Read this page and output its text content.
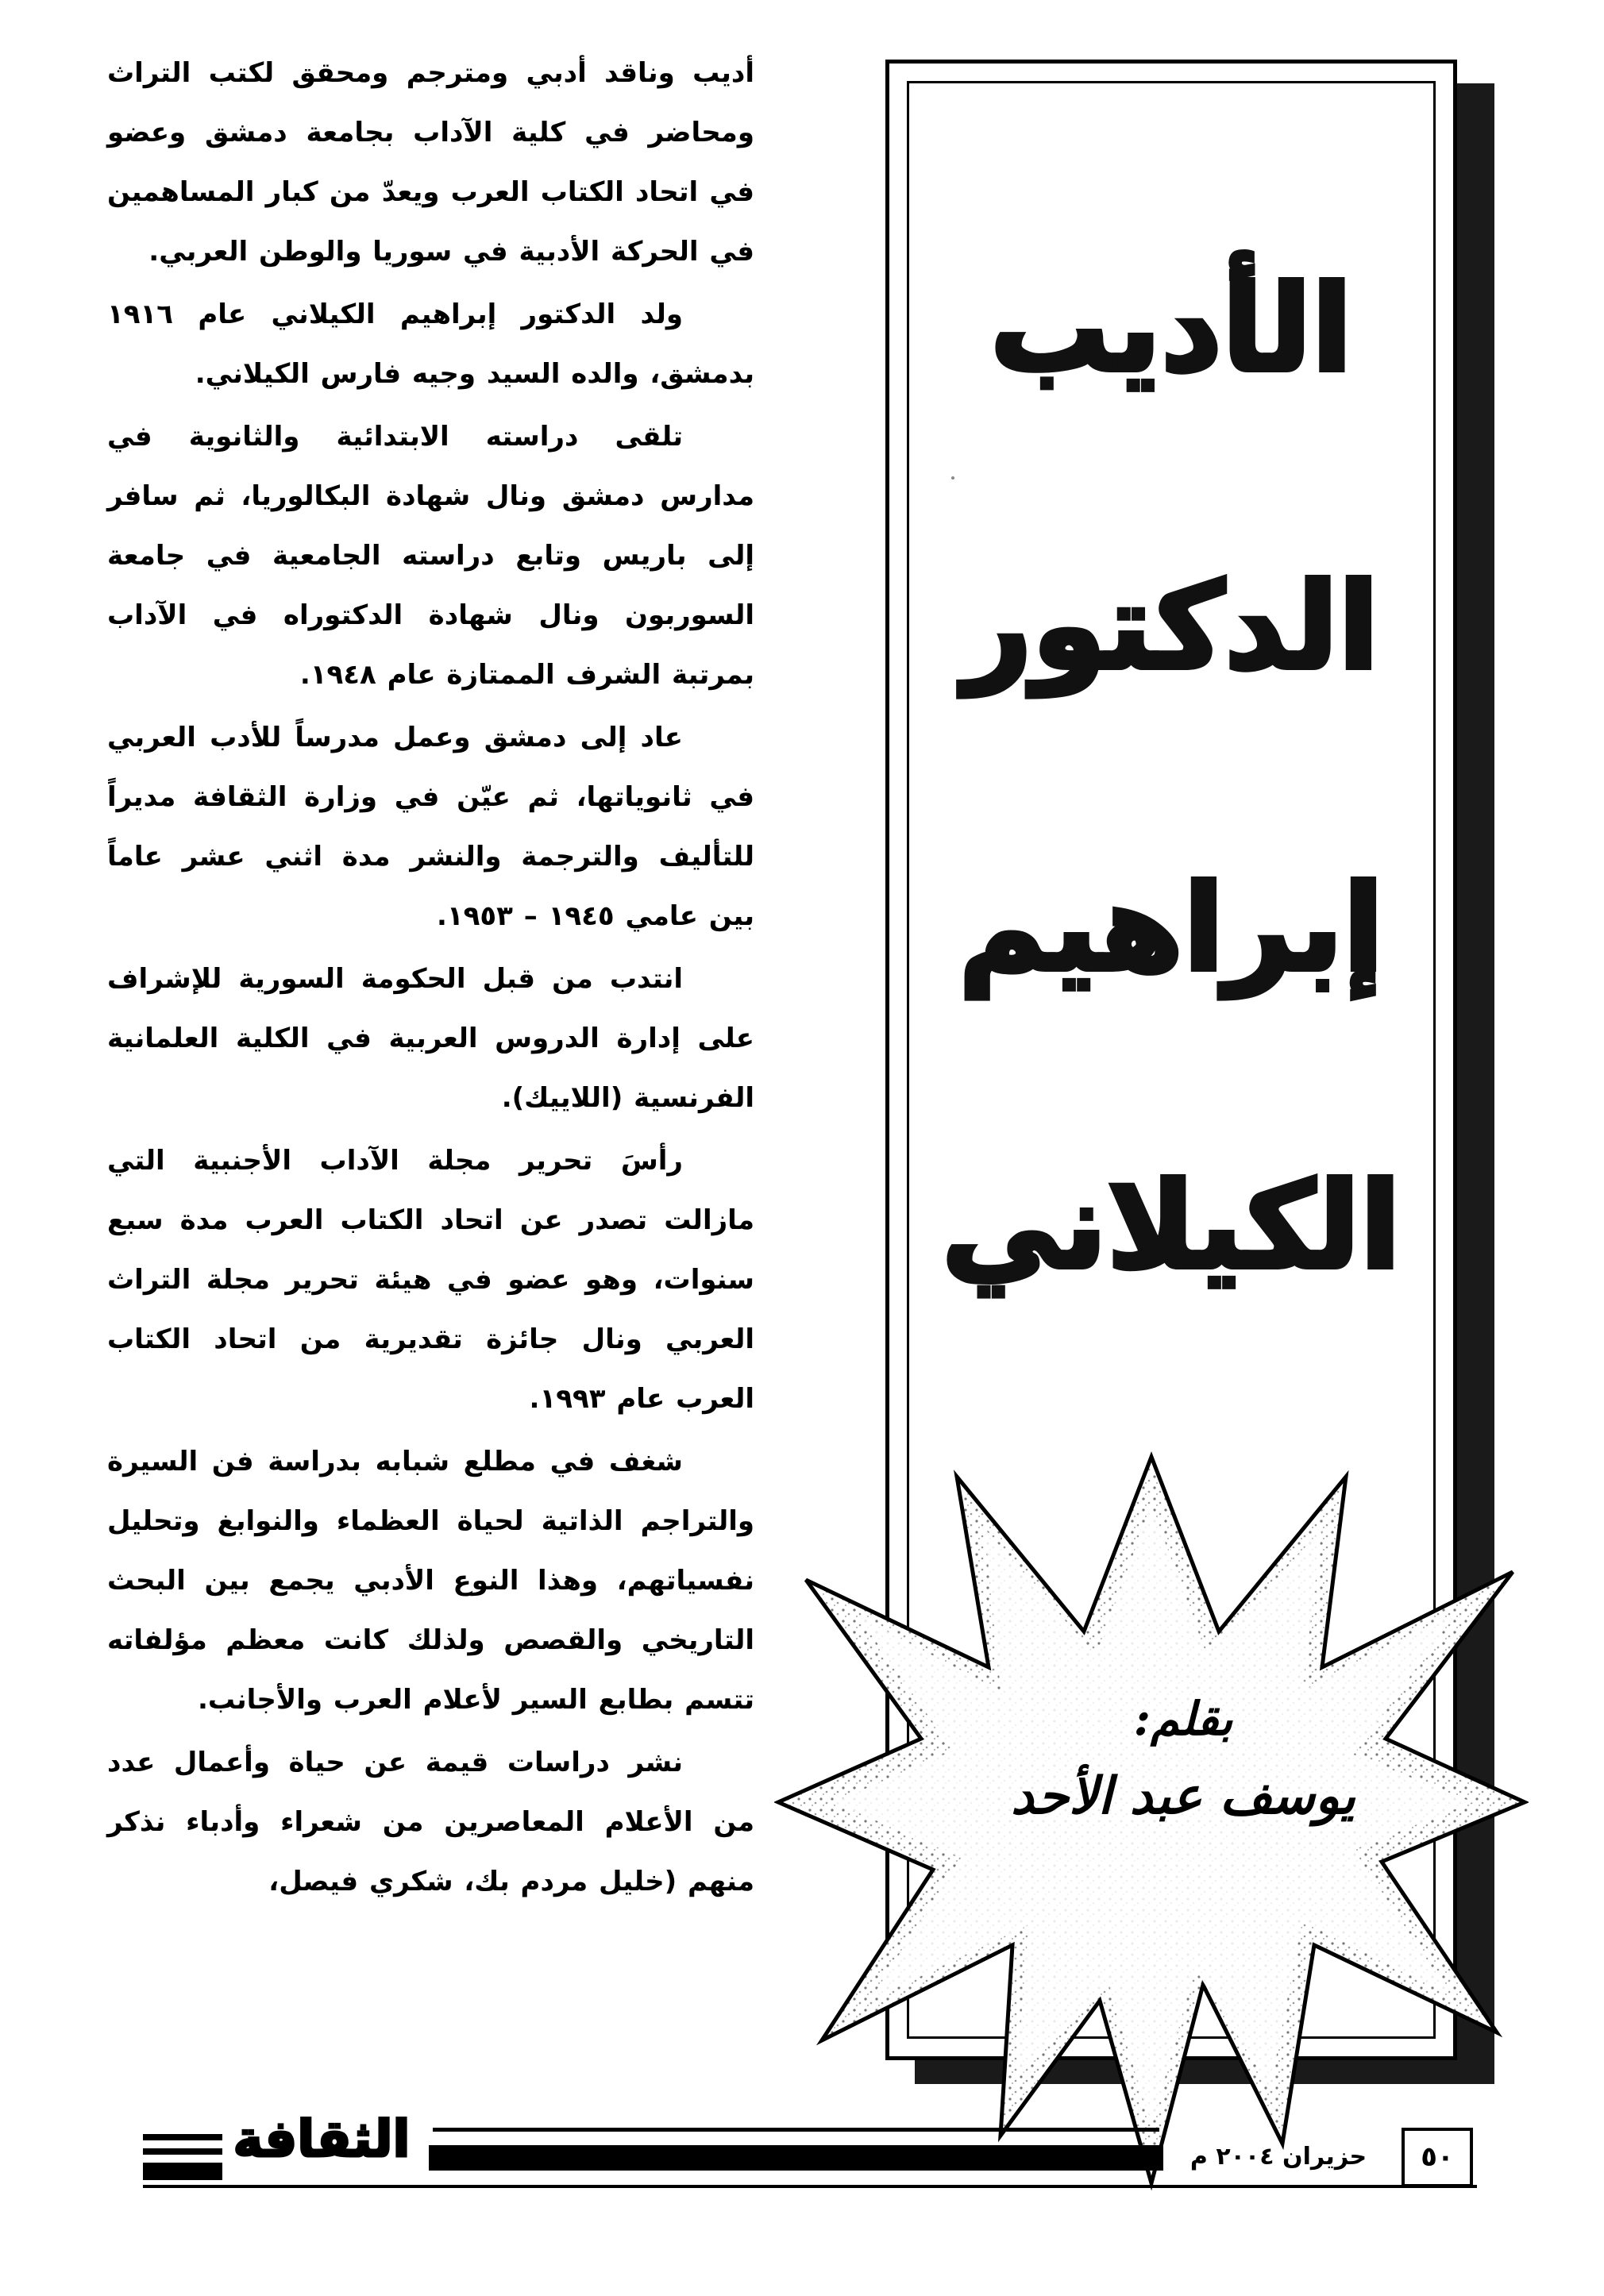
أديب وناقد أدبي ومترجم ومحقق لكتب التراث ومحاضر في كلية الآداب بجامعة دمشق وعضو في اتحاد الكتاب العرب ويعدّ من كبار المساهمين في الحركة الأدبية في سوريا والوطن العربي.

ولد الدكتور إبراهيم الكيلاني عام ١٩١٦ بدمشق، والده السيد وجيه فارس الكيلاني.

تلقى دراسته الابتدائية والثانوية في مدارس دمشق ونال شهادة البكالوريا، ثم سافر إلى باريس وتابع دراسته الجامعية في جامعة السوربون ونال شهادة الدكتوراه في الآداب بمرتبة الشرف الممتازة عام ١٩٤٨.

عاد إلى دمشق وعمل مدرساً للأدب العربي في ثانوياتها، ثم عيّن في وزارة الثقافة مديراً للتأليف والترجمة والنشر مدة اثني عشر عاماً بين عامي ١٩٤٥ – ١٩٥٣.

انتدب من قبل الحكومة السورية للإشراف على إدارة الدروس العربية في الكلية العلمانية الفرنسية (اللاييك).

رأسَ تحرير مجلة الآداب الأجنبية التي مازالت تصدر عن اتحاد الكتاب العرب مدة سبع سنوات، وهو عضو في هيئة تحرير مجلة التراث العربي ونال جائزة تقديرية من اتحاد الكتاب العرب عام ١٩٩٣.

شغف في مطلع شبابه بدراسة فن السيرة والتراجم الذاتية لحياة العظماء والنوابغ وتحليل نفسياتهم، وهذا النوع الأدبي يجمع بين البحث التاريخي والقصص ولذلك كانت معظم مؤلفاته تتسم بطابع السير لأعلام العرب والأجانب.

نشر دراسات قيمة عن حياة وأعمال عدد من الأعلام المعاصرين من شعراء وأدباء نذكر منهم (خليل مردم بك، شكري فيصل،

الأديب
الدكتور
إبراهيم
الكيلاني
بقلم:
يوسف عبد الأحد
الثقافة	حزيران ٢٠٠٤ م	٥٠
